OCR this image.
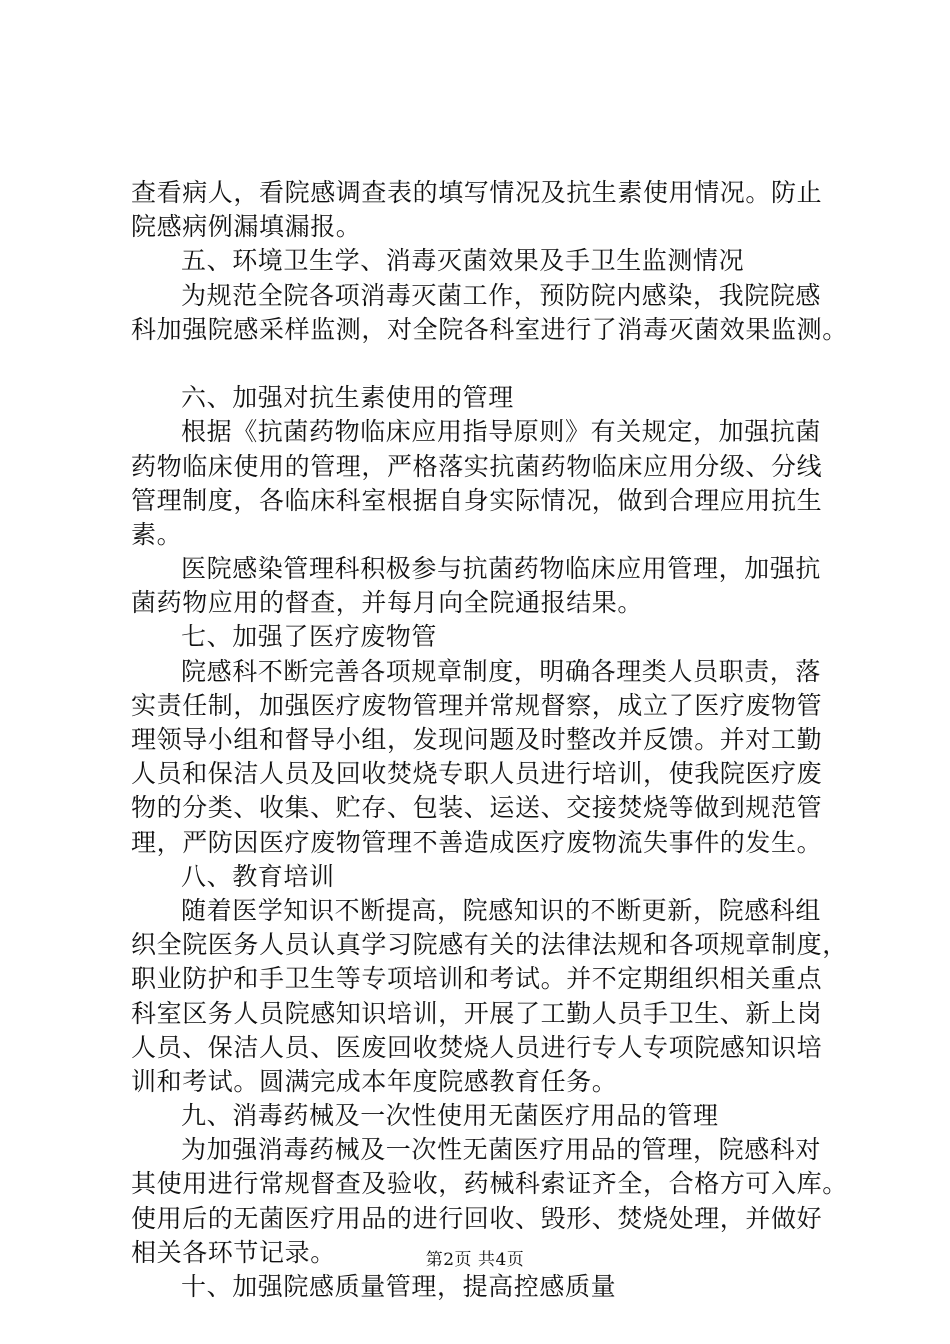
查看病人，看院感调查表的填写情况及抗生素使用情况。防止
院感病例漏填漏报。
五、环境卫生学、消毒灭菌效果及手卫生监测情况
为规范全院各项消毒灭菌工作，预防院内感染，我院院感
科加强院感采样监测，对全院各科室进行了消毒灭菌效果监测。
六、加强对抗生素使用的管理
根据《抗菌药物临床应用指导原则》有关规定，加强抗菌
药物临床使用的管理，严格落实抗菌药物临床应用分级、分线
管理制度，各临床科室根据自身实际情况，做到合理应用抗生
素。
医院感染管理科积极参与抗菌药物临床应用管理，加强抗
菌药物应用的督查，并每月向全院通报结果。
七、加强了医疗废物管
院感科不断完善各项规章制度，明确各理类人员职责，落
实责任制，加强医疗废物管理并常规督察，成立了医疗废物管
理领导小组和督导小组，发现问题及时整改并反馈。并对工勤
人员和保洁人员及回收焚烧专职人员进行培训，使我院医疗废
物的分类、收集、贮存、包装、运送、交接焚烧等做到规范管
理，严防因医疗废物管理不善造成医疗废物流失事件的发生。
八、教育培训
随着医学知识不断提高，院感知识的不断更新，院感科组
织全院医务人员认真学习院感有关的法律法规和各项规章制度，
职业防护和手卫生等专项培训和考试。并不定期组织相关重点
科室区务人员院感知识培训，开展了工勤人员手卫生、新上岗
人员、保洁人员、医废回收焚烧人员进行专人专项院感知识培
训和考试。圆满完成本年度院感教育任务。
九、消毒药械及一次性使用无菌医疗用品的管理
为加强消毒药械及一次性无菌医疗用品的管理，院感科对
其使用进行常规督查及验收，药械科索证齐全，合格方可入库。
使用后的无菌医疗用品的进行回收、毁形、焚烧处理，并做好
相关各环节记录。
十、加强院感质量管理，提高控感质量
第2页 共4页
